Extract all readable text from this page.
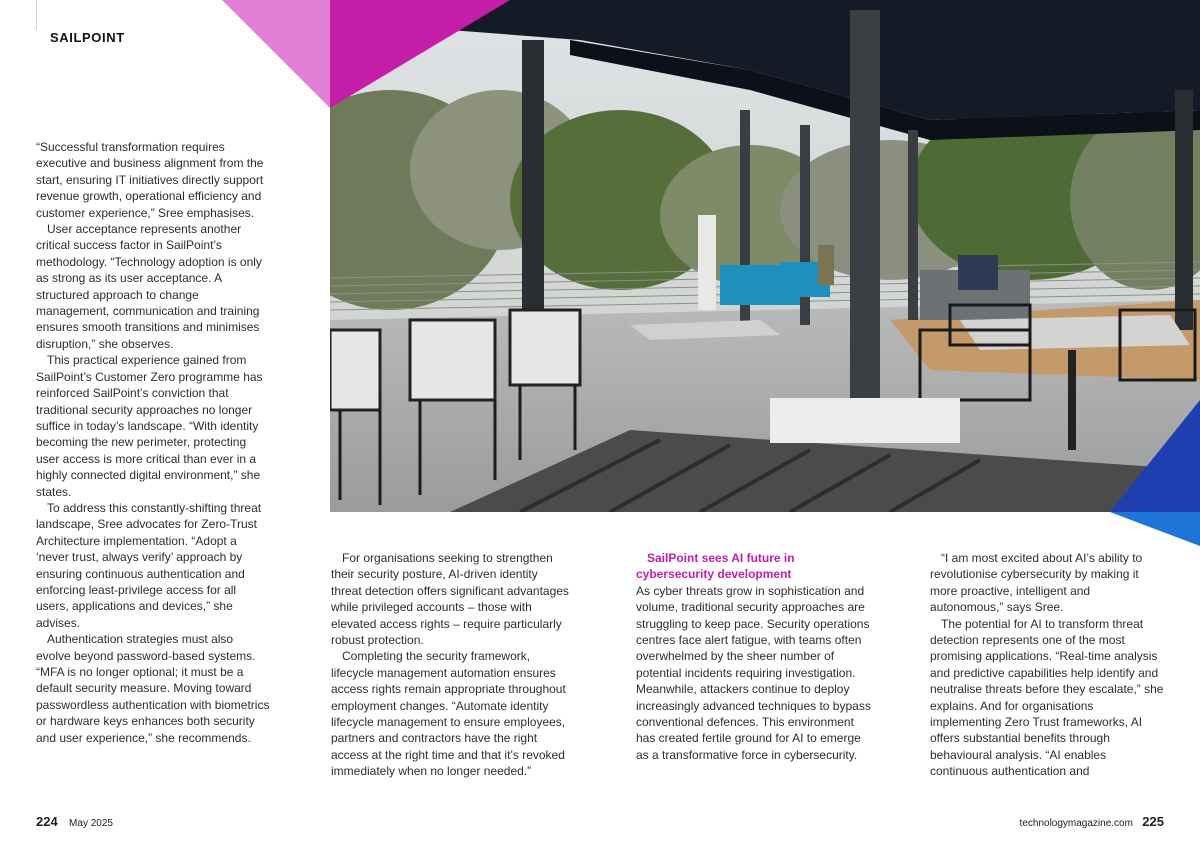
SAILPOINT

“Successful transformation requires executive and business alignment from the start, ensuring IT initiatives directly support revenue growth, operational efficiency and customer experience,” Sree emphasises.

User acceptance represents another critical success factor in SailPoint’s methodology. “Technology adoption is only as strong as its user acceptance. A structured approach to change management, communication and training ensures smooth transitions and minimises disruption,” she observes.

This practical experience gained from SailPoint’s Customer Zero programme has reinforced SailPoint’s conviction that traditional security approaches no longer suffice in today’s landscape. “With identity becoming the new perimeter, protecting user access is more critical than ever in a highly connected digital environment,” she states.

To address this constantly-shifting threat landscape, Sree advocates for Zero-Trust Architecture implementation. “Adopt a ‘never trust, always verify’ approach by ensuring continuous authentication and enforcing least-privilege access for all users, applications and devices,” she advises.

Authentication strategies must also evolve beyond password-based systems. “MFA is no longer optional; it must be a default security measure. Moving toward passwordless authentication with biometrics or hardware keys enhances both security and user experience,” she recommends.

For organisations seeking to strengthen their security posture, AI-driven identity threat detection offers significant advantages while privileged accounts – those with elevated access rights – require particularly robust protection.

Completing the security framework, lifecycle management automation ensures access rights remain appropriate throughout employment changes. “Automate identity lifecycle management to ensure employees, partners and contractors have the right access at the right time and that it’s revoked immediately when no longer needed.”

SailPoint sees AI future in cybersecurity development

As cyber threats grow in sophistication and volume, traditional security approaches are struggling to keep pace. Security operations centres face alert fatigue, with teams often overwhelmed by the sheer number of potential incidents requiring investigation. Meanwhile, attackers continue to deploy increasingly advanced techniques to bypass conventional defences. This environment has created fertile ground for AI to emerge as a transformative force in cybersecurity.

“I am most excited about AI’s ability to revolutionise cybersecurity by making it more proactive, intelligent and autonomous,” says Sree.

The potential for AI to transform threat detection represents one of the most promising applications. “Real-time analysis and predictive capabilities help identify and neutralise threats before they escalate,” she explains. And for organisations implementing Zero Trust frameworks, AI offers substantial benefits through behavioural analysis. “AI enables continuous authentication and

224 May 2025	technologymagazine.com 225
